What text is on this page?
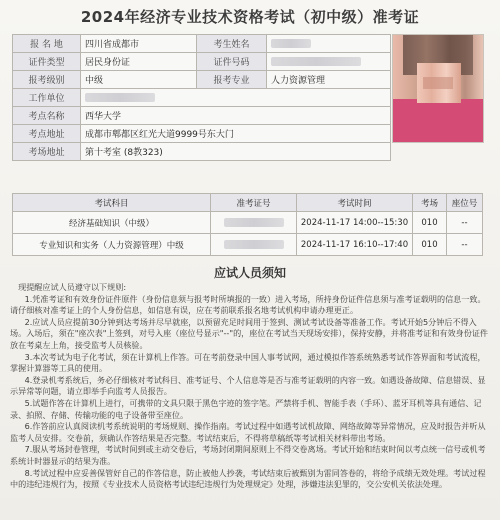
2024年经济专业技术资格考试（初中级）准考证
报 名 地	四川省成都市	考生姓名	
证件类型	居民身份证	证件号码	
报考级别	中级	报考专业	人力资源管理
工作单位			
考点名称	西华大学		
考点地址	成都市郫都区红光大道9999号东大门		
考场地址	第十考室 (8教323)		
考试科目	准考证号	考试时间	考场	座位号
经济基础知识（中级）		2024-11-17 14:00--15:30	010	--
专业知识和实务（人力资源管理）中级		2024-11-17 16:10--17:40	010	--
应试人员须知

现提醒应试人员遵守以下规则:

1.凭准考证和有效身份证件原件（身份信息须与报考时所填报的一致）进入考场，所持身份证件信息须与准考证载明的信息一致。请仔细核对准考证上的个人身份信息，如信息有误，应在考前联系报名地考试机构申请办理更正。

2.应试人员应提前30分钟到达考场并尽早就座，以预留充足时间用于签到、测试考试设备等准备工作。考试开始5分钟后不得入场。入场后，须在"座次表"上签到，对号入座（座位号显示"--"的，座位在考试当天现场安排），保持安静，并将准考证和有效身份证件放在考桌左上角，接受监考人员核验。

3.本次考试为电子化考试，须在计算机上作答。可在考前登录中国人事考试网，通过模拟作答系统熟悉考试作答界面和考试流程，掌握计算器等工具的使用。

4.登录机考系统后，务必仔细核对考试科目、准考证号、个人信息等是否与准考证载明的内容一致。如遇设备故障、信息错误、显示异常等问题，请立即举手向监考人员报告。

5.试题作答在计算机上进行，可携带的文具只限于黑色字迹的签字笔。严禁将手机、智能手表（手环）、蓝牙耳机等具有通信、记录、拍照、存储、传输功能的电子设备带至座位。

6.作答前应认真阅读机考系统说明的考场规则、操作指南。考试过程中如遇考试机故障、网络故障等异常情况，应及时报告并听从监考人员安排。交卷前，须确认作答结果是否完整。考试结束后，不得将草稿纸等考试相关材料带出考场。

7.服从考场封卷管理，考试时间到或主动交卷后，考场封闭期间原则上不得交卷离场。考试开始和结束时间以考点统一信号或机考系统计时器显示的结果为准。

8.考试过程中应妥善保管好自己的作答信息，防止被他人抄袭，考试结束后被甄别为雷同答卷的，将给予成绩无效处理。考试过程中的违纪违规行为，按照《专业技术人员资格考试违纪违规行为处理规定》处理，涉嫌违法犯罪的，交公安机关依法处理。
